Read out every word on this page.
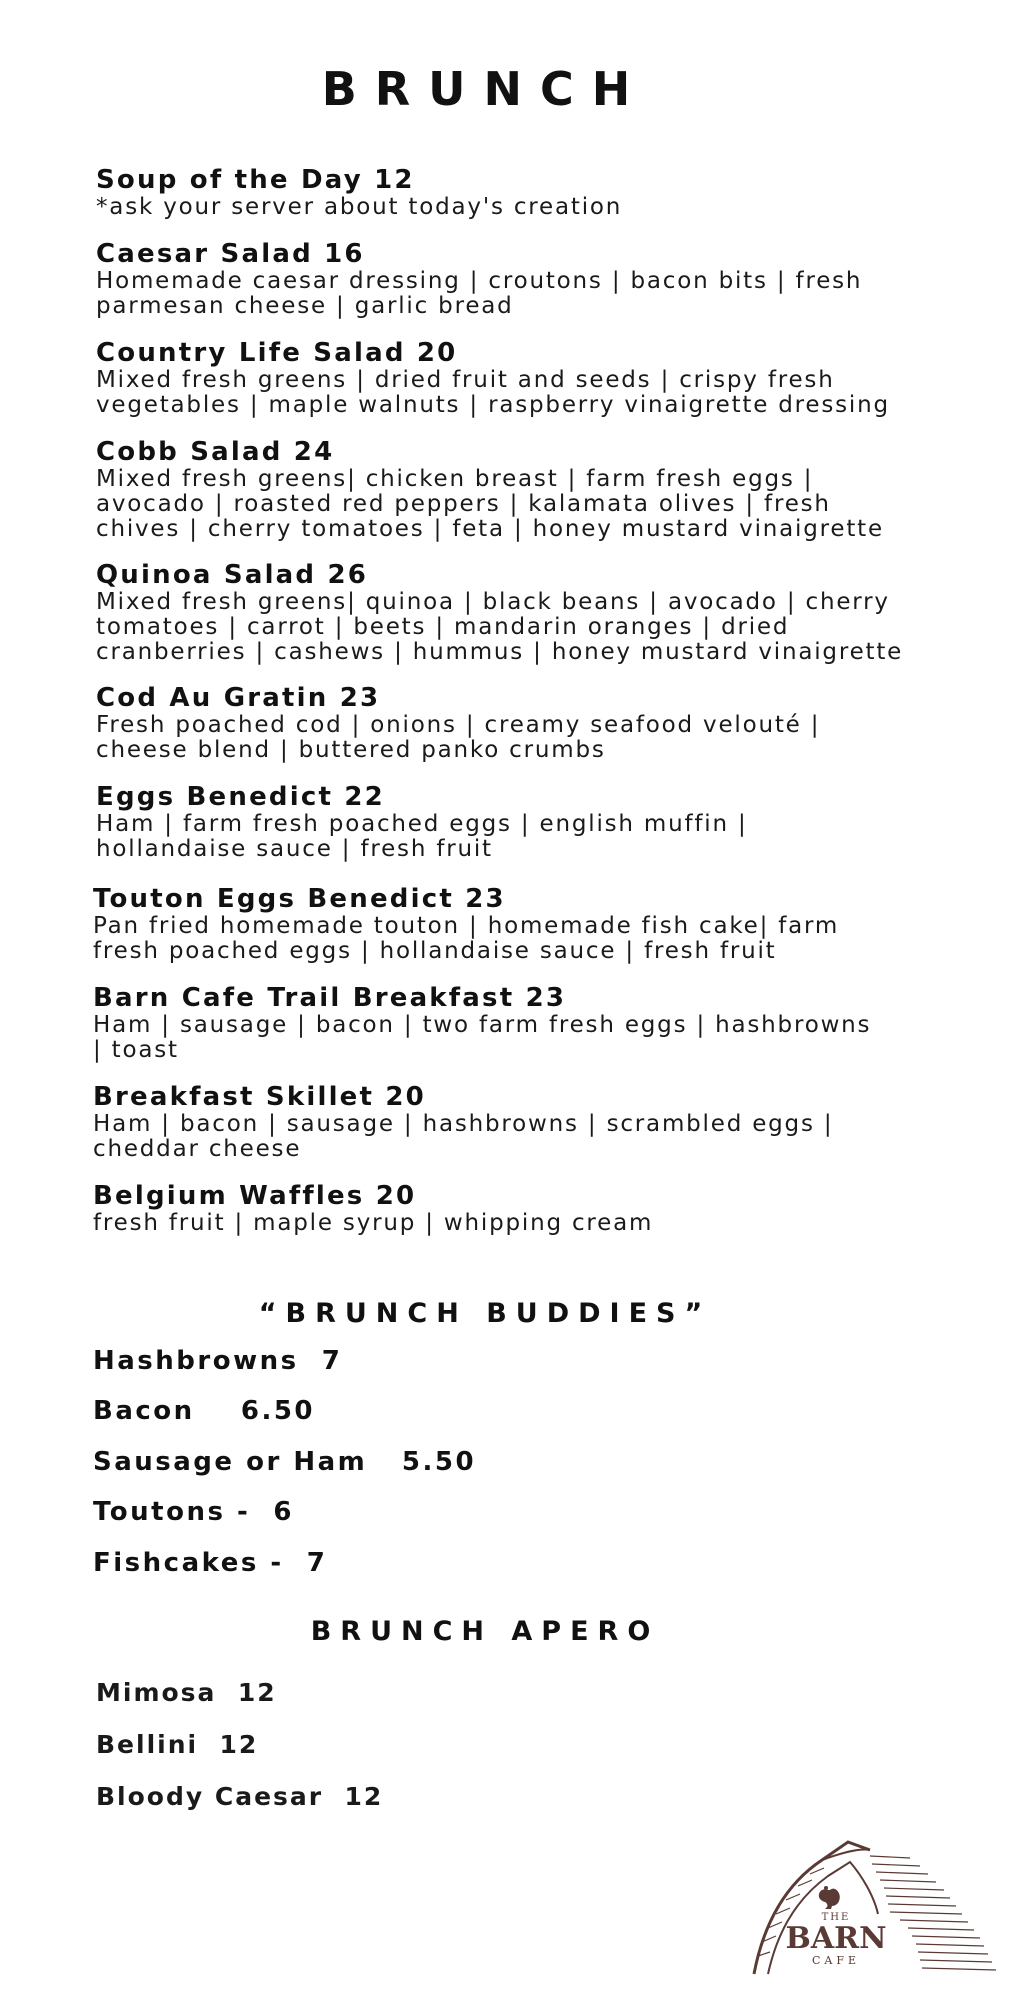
BRUNCH
Soup of the Day 12
*ask your server about today's creation
Caesar Salad 16
Homemade caesar dressing | croutons | bacon bits | fresh
parmesan cheese | garlic bread
Country Life Salad 20
Mixed fresh greens | dried fruit and seeds | crispy fresh
vegetables | maple walnuts | raspberry vinaigrette dressing
Cobb Salad 24
Mixed fresh greens| chicken breast | farm fresh eggs |
avocado | roasted red peppers | kalamata olives | fresh
chives | cherry tomatoes | feta | honey mustard vinaigrette
Quinoa Salad 26
Mixed fresh greens| quinoa | black beans | avocado | cherry
tomatoes | carrot | beets | mandarin oranges | dried
cranberries | cashews | hummus | honey mustard vinaigrette
Cod Au Gratin 23
Fresh poached cod | onions | creamy seafood velouté |
cheese blend | buttered panko crumbs
Eggs Benedict 22
Ham | farm fresh poached eggs | english muffin |
hollandaise sauce | fresh fruit
Touton Eggs Benedict 23
Pan fried homemade touton | homemade fish cake| farm
fresh poached eggs | hollandaise sauce | fresh fruit
Barn Cafe Trail Breakfast 23
Ham | sausage | bacon | two farm fresh eggs | hashbrowns
| toast
Breakfast Skillet 20
Ham | bacon | sausage | hashbrowns | scrambled eggs |
cheddar cheese
Belgium Waffles 20
fresh fruit | maple syrup | whipping cream
“BRUNCH BUDDIES”
Hashbrowns  7
Bacon    6.50
Sausage or Ham   5.50
Toutons -  6
Fishcakes -  7
BRUNCH APERO
Mimosa  12
Bellini  12
Bloody Caesar  12
THE
BARN
CAFE
